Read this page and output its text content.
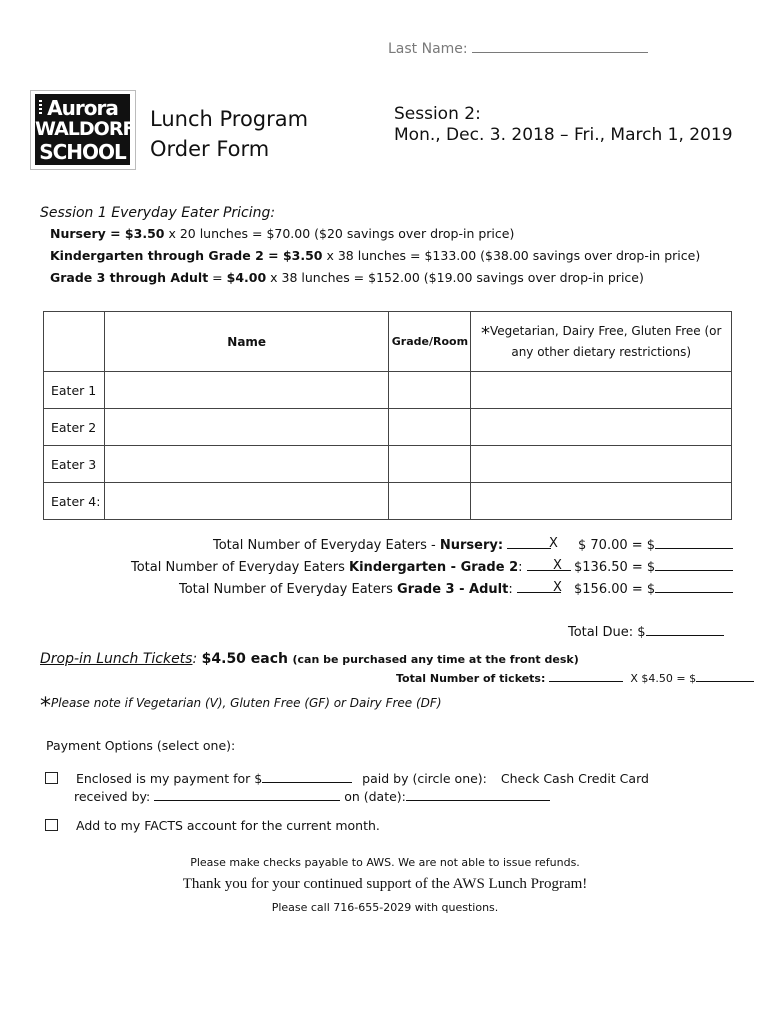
Last Name:
Aurora
WALDORF
SCHOOL
Lunch Program
Order Form
Session 2:
Mon., Dec. 3. 2018 – Fri., March 1, 2019
Session 1 Everyday Eater Pricing:
Nursery = $3.50 x 20 lunches = $70.00 ($20 savings over drop-in price)
Kindergarten through Grade 2 = $3.50 x 38 lunches = $133.00 ($38.00 savings over drop-in price)
Grade 3 through Adult = $4.00 x 38 lunches = $152.00 ($19.00 savings over drop-in price)
	Name	Grade/Room	*Vegetarian, Dairy Free, Gluten Free (or any other dietary restrictions)
Eater 1			
Eater 2			
Eater 3			
Eater 4:			
Total Number of Everyday Eaters - Nursery:	X $ 70.00 = $
Total Number of Everyday Eaters Kindergarten - Grade 2:	X $136.50 = $
Total Number of Everyday Eaters Grade 3 - Adult:	X $156.00 = $
Total Due: $
Drop-in Lunch Tickets: $4.50 each (can be purchased any time at the front desk)
Total Number of tickets:	X $4.50 = $
*Please note if Vegetarian (V), Gluten Free (GF) or Dairy Free (DF)
Payment Options (select one):
Enclosed is my payment for $	paid by (circle one): Check Cash Credit Card
received by:	on (date):
Add to my FACTS account for the current month.
Please make checks payable to AWS. We are not able to issue refunds.
Thank you for your continued support of the AWS Lunch Program!
Please call 716-655-2029 with questions.
